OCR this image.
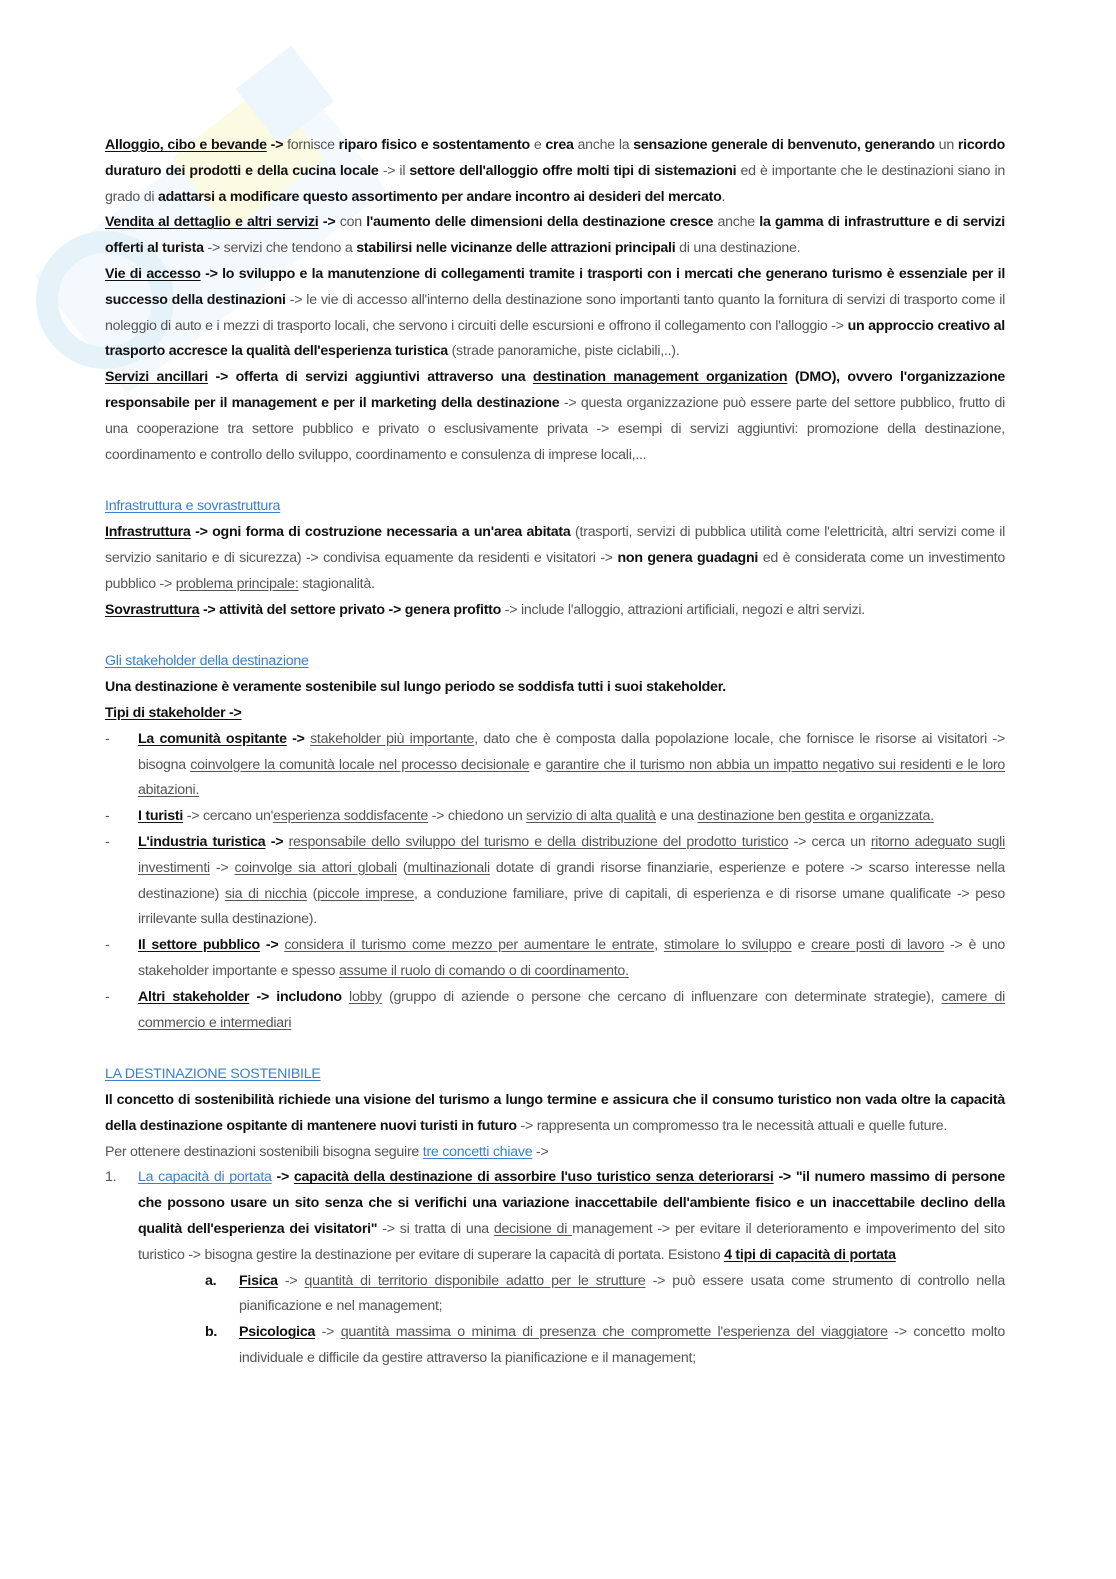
Alloggio, cibo e bevande -> fornisce riparo fisico e sostentamento e crea anche la sensazione generale di benvenuto, generando un ricordo duraturo dei prodotti e della cucina locale -> il settore dell'alloggio offre molti tipi di sistemazioni ed è importante che le destinazioni siano in grado di adattarsi a modificare questo assortimento per andare incontro ai desideri del mercato.

Vendita al dettaglio e altri servizi -> con l'aumento delle dimensioni della destinazione cresce anche la gamma di infrastrutture e di servizi offerti al turista -> servizi che tendono a stabilirsi nelle vicinanze delle attrazioni principali di una destinazione.

Vie di accesso -> lo sviluppo e la manutenzione di collegamenti tramite i trasporti con i mercati che generano turismo è essenziale per il successo della destinazioni -> le vie di accesso all'interno della destinazione sono importanti tanto quanto la fornitura di servizi di trasporto come il noleggio di auto e i mezzi di trasporto locali, che servono i circuiti delle escursioni e offrono il collegamento con l'alloggio -> un approccio creativo al trasporto accresce la qualità dell'esperienza turistica (strade panoramiche, piste ciclabili,..).

Servizi ancillari -> offerta di servizi aggiuntivi attraverso una destination management organization (DMO), ovvero l'organizzazione responsabile per il management e per il marketing della destinazione -> questa organizzazione può essere parte del settore pubblico, frutto di una cooperazione tra settore pubblico e privato o esclusivamente privata -> esempi di servizi aggiuntivi: promozione della destinazione, coordinamento e controllo dello sviluppo, coordinamento e consulenza di imprese locali,...

Infrastruttura e sovrastruttura

Infrastruttura -> ogni forma di costruzione necessaria a un'area abitata (trasporti, servizi di pubblica utilità come l'elettricità, altri servizi come il servizio sanitario e di sicurezza) -> condivisa equamente da residenti e visitatori -> non genera guadagni ed è considerata come un investimento pubblico -> problema principale: stagionalità.

Sovrastruttura -> attività del settore privato -> genera profitto -> include l'alloggio, attrazioni artificiali, negozi e altri servizi.

Gli stakeholder della destinazione

Una destinazione è veramente sostenibile sul lungo periodo se soddisfa tutti i suoi stakeholder.

Tipi di stakeholder ->

- La comunità ospitante -> stakeholder più importante, dato che è composta dalla popolazione locale, che fornisce le risorse ai visitatori -> bisogna coinvolgere la comunità locale nel processo decisionale e garantire che il turismo non abbia un impatto negativo sui residenti e le loro abitazioni.
- I turisti -> cercano un'esperienza soddisfacente -> chiedono un servizio di alta qualità e una destinazione ben gestita e organizzata.
- L'industria turistica -> responsabile dello sviluppo del turismo e della distribuzione del prodotto turistico -> cerca un ritorno adeguato sugli investimenti -> coinvolge sia attori globali (multinazionali dotate di grandi risorse finanziarie, esperienze e potere -> scarso interesse nella destinazione) sia di nicchia (piccole imprese, a conduzione familiare, prive di capitali, di esperienza e di risorse umane qualificate -> peso irrilevante sulla destinazione).
- Il settore pubblico -> considera il turismo come mezzo per aumentare le entrate, stimolare lo sviluppo e creare posti di lavoro -> è uno stakeholder importante e spesso assume il ruolo di comando o di coordinamento.
- Altri stakeholder -> includono lobby (gruppo di aziende o persone che cercano di influenzare con determinate strategie), camere di commercio e intermediari

LA DESTINAZIONE SOSTENIBILE

Il concetto di sostenibilità richiede una visione del turismo a lungo termine e assicura che il consumo turistico non vada oltre la capacità della destinazione ospitante di mantenere nuovi turisti in futuro -> rappresenta un compromesso tra le necessità attuali e quelle future.

Per ottenere destinazioni sostenibili bisogna seguire tre concetti chiave ->

1. La capacità di portata -> capacità della destinazione di assorbire l'uso turistico senza deteriorarsi -> "il numero massimo di persone che possono usare un sito senza che si verifichi una variazione inaccettabile dell'ambiente fisico e un inaccettabile declino della qualità dell'esperienza dei visitatori" -> si tratta di una decisione di management -> per evitare il deterioramento e impoverimento del sito turistico -> bisogna gestire la destinazione per evitare di superare la capacità di portata. Esistono 4 tipi di capacità di portata
a. Fisica -> quantità di territorio disponibile adatto per le strutture -> può essere usata come strumento di controllo nella pianificazione e nel management;
b. Psicologica -> quantità massima o minima di presenza che compromette l'esperienza del viaggiatore -> concetto molto individuale e difficile da gestire attraverso la pianificazione e il management;
